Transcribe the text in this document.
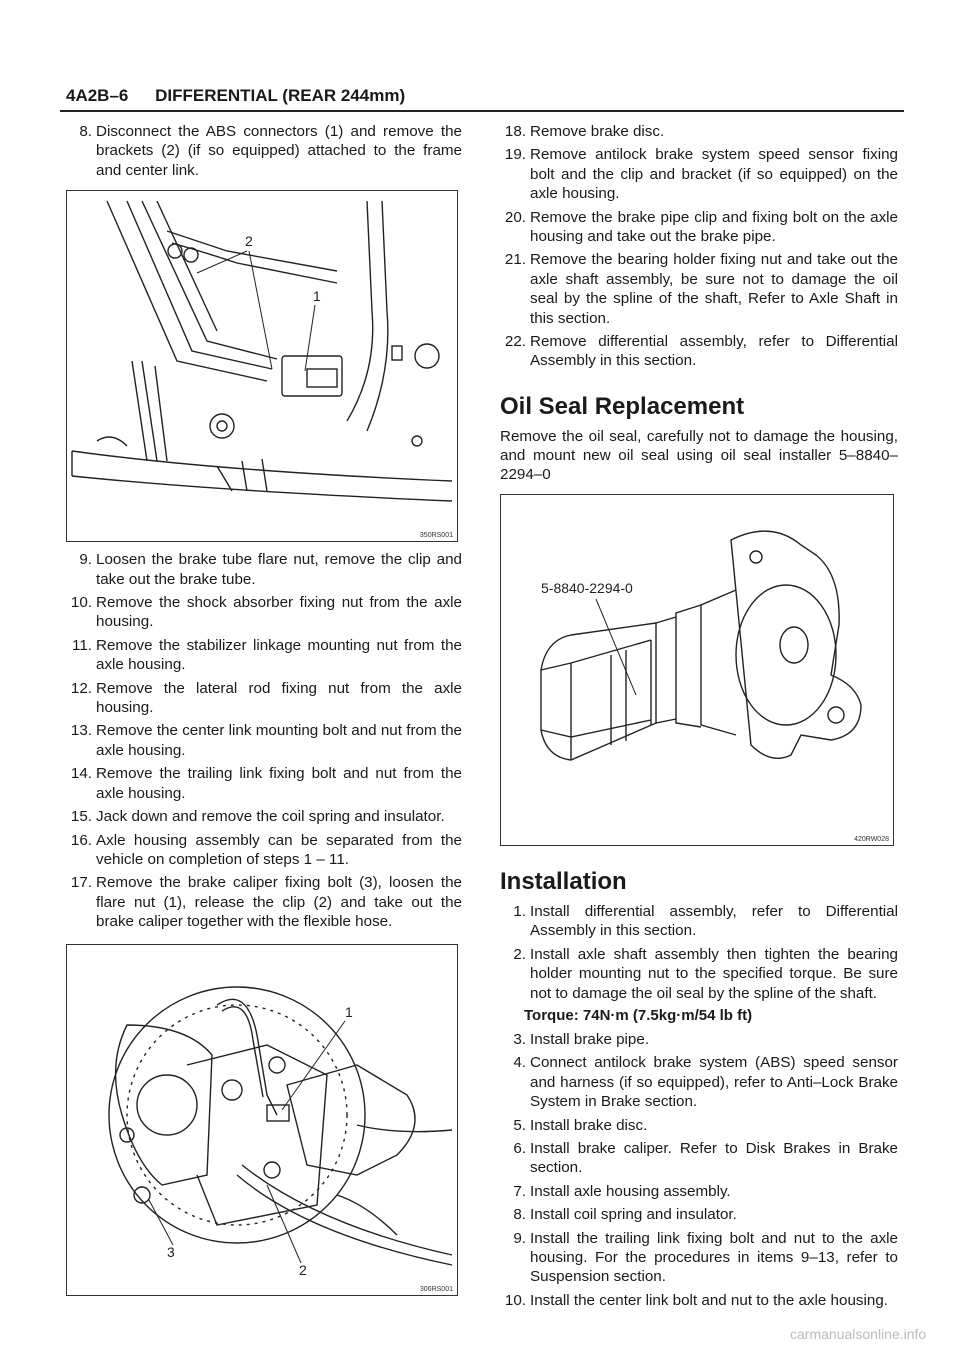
4A2B–6 DIFFERENTIAL (REAR 244mm)
8. Disconnect the ABS connectors (1) and remove the brackets (2) (if so equipped) attached to the frame and center link.
2
1
350RS001
9. Loosen the brake tube flare nut, remove the clip and take out the brake tube.
10. Remove the shock absorber fixing nut from the axle housing.
11. Remove the stabilizer linkage mounting nut from the axle housing.
12. Remove the lateral rod fixing nut from the axle housing.
13. Remove the center link mounting bolt and nut from the axle housing.
14. Remove the trailing link fixing bolt and nut from the axle housing.
15. Jack down and remove the coil spring and insulator.
16. Axle housing assembly can be separated from the vehicle on completion of steps 1 – 11.
17. Remove the brake caliper fixing bolt (3), loosen the flare nut (1), release the clip (2) and take out the brake caliper together with the flexible hose.
1
3
2
306RS001
18. Remove brake disc.
19. Remove antilock brake system speed sensor fixing bolt and the clip and bracket (if so equipped) on the axle housing.
20. Remove the brake pipe clip and fixing bolt on the axle housing and take out the brake pipe.
21. Remove the bearing holder fixing nut and take out the axle shaft assembly, be sure not to damage the oil seal by the spline of the shaft, Refer to Axle Shaft in this section.
22. Remove differential assembly, refer to Differential Assembly in this section.
Oil Seal Replacement
Remove the oil seal, carefully not to damage the housing, and mount new oil seal using oil seal installer 5–8840–2294–0
5-8840-2294-0
420RW028
Installation
1. Install differential assembly, refer to Differential Assembly in this section.
2. Install axle shaft assembly then tighten the bearing holder mounting nut to the specified torque. Be sure not to damage the oil seal by the spline of the shaft.
Torque: 74N·m (7.5kg·m/54 lb ft)
3. Install brake pipe.
4. Connect antilock brake system (ABS) speed sensor and harness (if so equipped), refer to Anti–Lock Brake System in Brake section.
5. Install brake disc.
6. Install brake caliper. Refer to Disk Brakes in Brake section.
7. Install axle housing assembly.
8. Install coil spring and insulator.
9. Install the trailing link fixing bolt and nut to the axle housing. For the procedures in items 9–13, refer to Suspension section.
10. Install the center link bolt and nut to the axle housing.
carmanualsonline.info
